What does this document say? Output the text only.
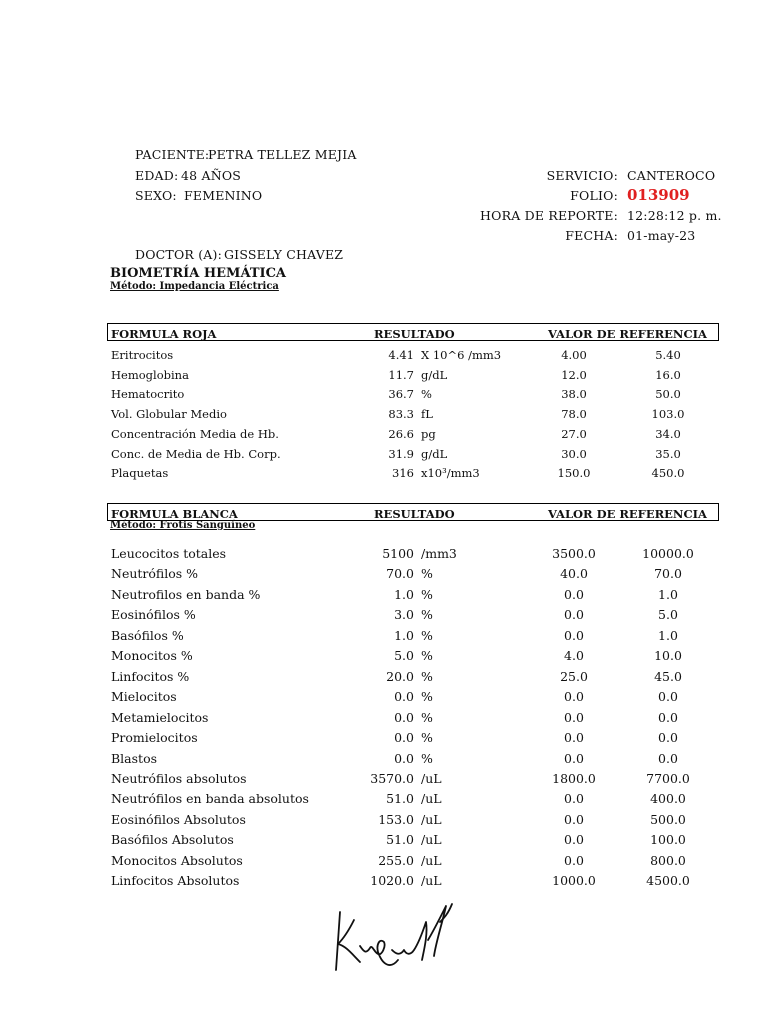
PACIENTE:
PETRA TELLEZ MEJIA
EDAD: 48 AÑOS
SEXO: FEMENINO
DOCTOR (A): GISSELY CHAVEZ
SERVICIO: CANTEROCO
FOLIO: 013909
HORA DE REPORTE: 12:28:12 p. m.
FECHA: 01-may-23
BIOMETRÍA HEMÁTICA
Método: Impedancia Eléctrica
FORMULA ROJA	RESULTADO	VALOR DE REFERENCIA
Eritrocitos	4.41 X 10^6 /mm3	4.00	5.40
Hemoglobina	11.7 g/dL	12.0	16.0
Hematocrito	36.7 %	38.0	50.0
Vol. Globular Medio	83.3 fL	78.0	103.0
Concentración Media de Hb.	26.6 pg	27.0	34.0
Conc. de Media de Hb. Corp.	31.9 g/dL	30.0	35.0
Plaquetas	316 x10³/mm3	150.0	450.0
FORMULA BLANCA	RESULTADO	VALOR DE REFERENCIA
Método: Frotis Sanguíneo
Leucocitos totales	5100 /mm3	3500.0	10000.0
Neutrófilos %	70.0 %	40.0	70.0
Neutrofilos en banda %	1.0 %	0.0	1.0
Eosinófilos %	3.0 %	0.0	5.0
Basófilos %	1.0 %	0.0	1.0
Monocitos %	5.0 %	4.0	10.0
Linfocitos %	20.0 %	25.0	45.0
Mielocitos	0.0 %	0.0	0.0
Metamielocitos	0.0 %	0.0	0.0
Promielocitos	0.0 %	0.0	0.0
Blastos	0.0 %	0.0	0.0
Neutrófilos absolutos	3570.0 /uL	1800.0	7700.0
Neutrófilos en banda absolutos	51.0 /uL	0.0	400.0
Eosinófilos Absolutos	153.0 /uL	0.0	500.0
Basófilos Absolutos	51.0 /uL	0.0	100.0
Monocitos Absolutos	255.0 /uL	0.0	800.0
Linfocitos Absolutos	1020.0 /uL	1000.0	4500.0
